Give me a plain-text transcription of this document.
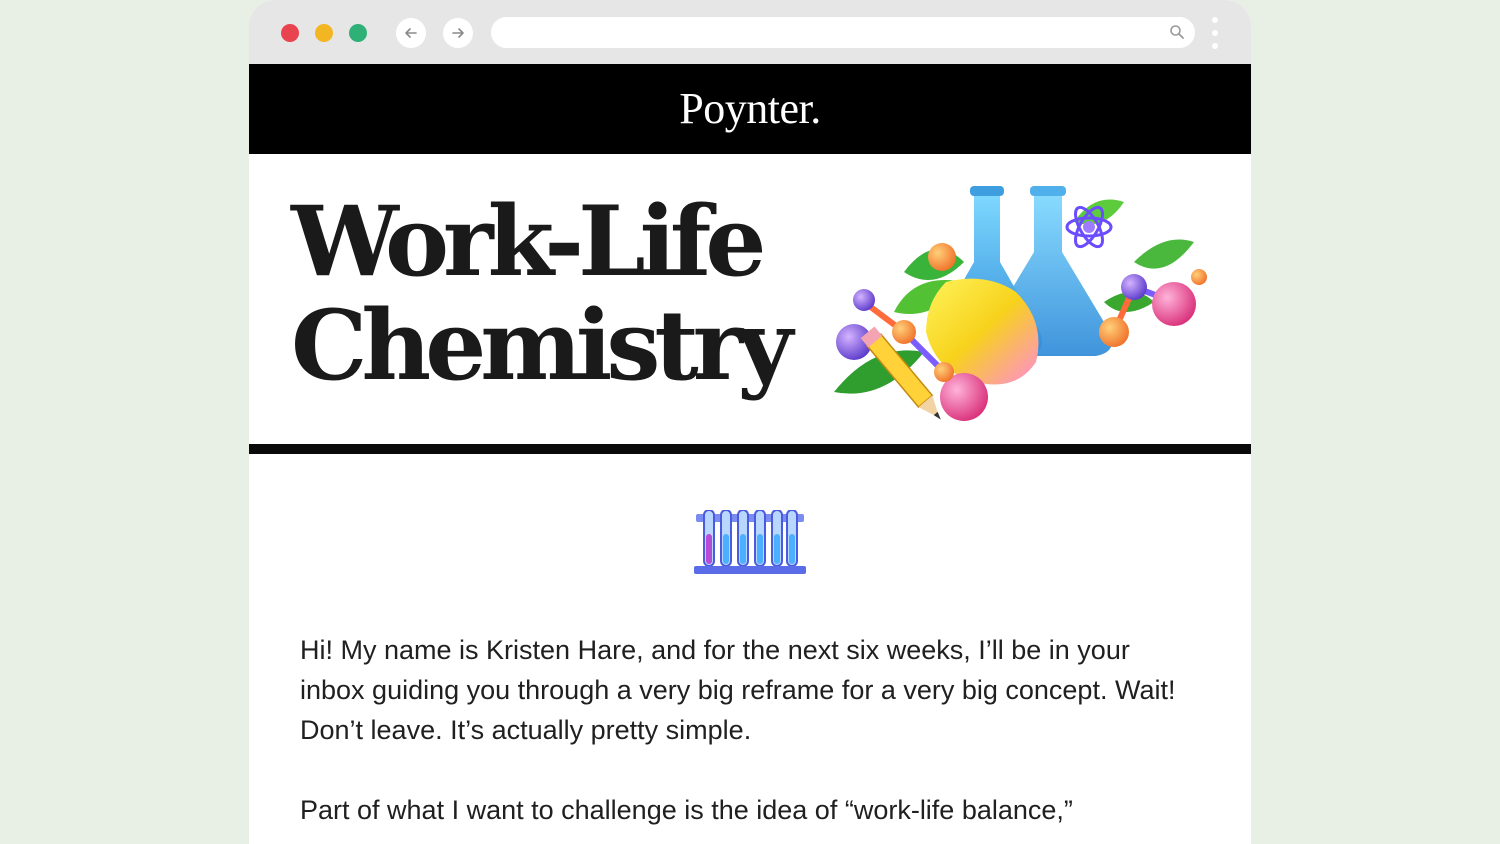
Poynter.
Work-Life
Chemistry

Hi! My name is Kristen Hare, and for the next six weeks, I’ll be in your inbox guiding you through a very big reframe for a very big concept. Wait! Don’t leave. It’s actually pretty simple.

Part of what I want to challenge is the idea of “work-life balance,”
